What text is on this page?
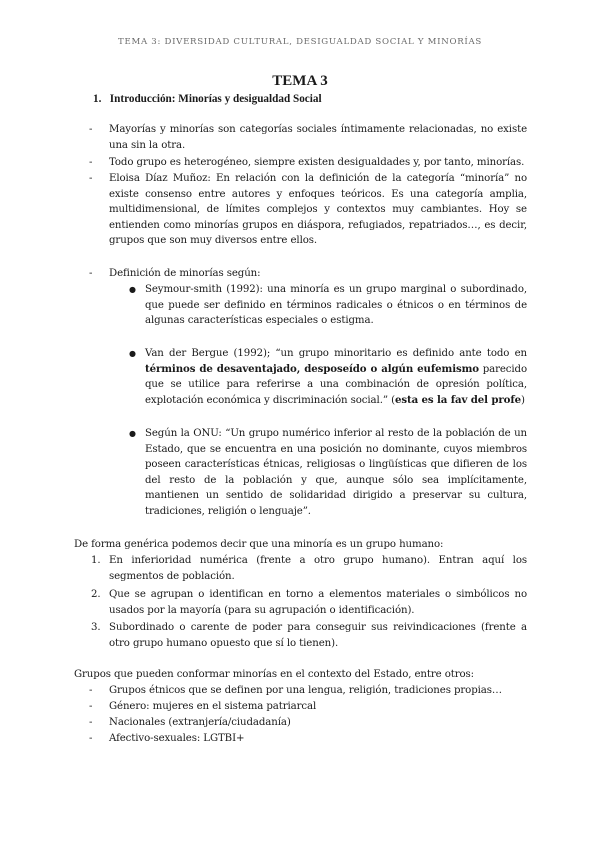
TEMA 3: DIVERSIDAD CULTURAL, DESIGUALDAD SOCIAL Y MINORÍAS
TEMA 3
1. Introducción: Minorías y desigualdad Social
- Mayorías y minorías son categorías sociales íntimamente relacionadas, no existe una sin la otra.
- Todo grupo es heterogéneo, siempre existen desigualdades y, por tanto, minorías.
- Eloisa Díaz Muñoz: En relación con la definición de la categoría “minoría” no existe consenso entre autores y enfoques teóricos. Es una categoría amplia, multidimensional, de límites complejos y contextos muy cambiantes. Hoy se entienden como minorías grupos en diáspora, refugiados, repatriados…, es decir, grupos que son muy diversos entre ellos.
- Definición de minorías según:
● Seymour-smith (1992): una minoría es un grupo marginal o subordinado, que puede ser definido en términos radicales o étnicos o en términos de algunas características especiales o estigma.
● Van der Bergue (1992); “un grupo minoritario es definido ante todo en términos de desaventajado, desposeído o algún eufemismo parecido que se utilice para referirse a una combinación de opresión política, explotación económica y discriminación social.” (esta es la fav del profe)
● Según la ONU: “Un grupo numérico inferior al resto de la población de un Estado, que se encuentra en una posición no dominante, cuyos miembros poseen características étnicas, religiosas o lingüísticas que difieren de los del resto de la población y que, aunque sólo sea implícitamente, mantienen un sentido de solidaridad dirigido a preservar su cultura, tradiciones, religión o lenguaje”.
De forma genérica podemos decir que una minoría es un grupo humano:
1. En inferioridad numérica (frente a otro grupo humano). Entran aquí los segmentos de población.
2. Que se agrupan o identifican en torno a elementos materiales o simbólicos no usados por la mayoría (para su agrupación o identificación).
3. Subordinado o carente de poder para conseguir sus reivindicaciones (frente a otro grupo humano opuesto que sí lo tienen).
Grupos que pueden conformar minorías en el contexto del Estado, entre otros:
- Grupos étnicos que se definen por una lengua, religión, tradiciones propias…
- Género: mujeres en el sistema patriarcal
- Nacionales (extranjería/ciudadanía)
- Afectivo-sexuales: LGTBI+
